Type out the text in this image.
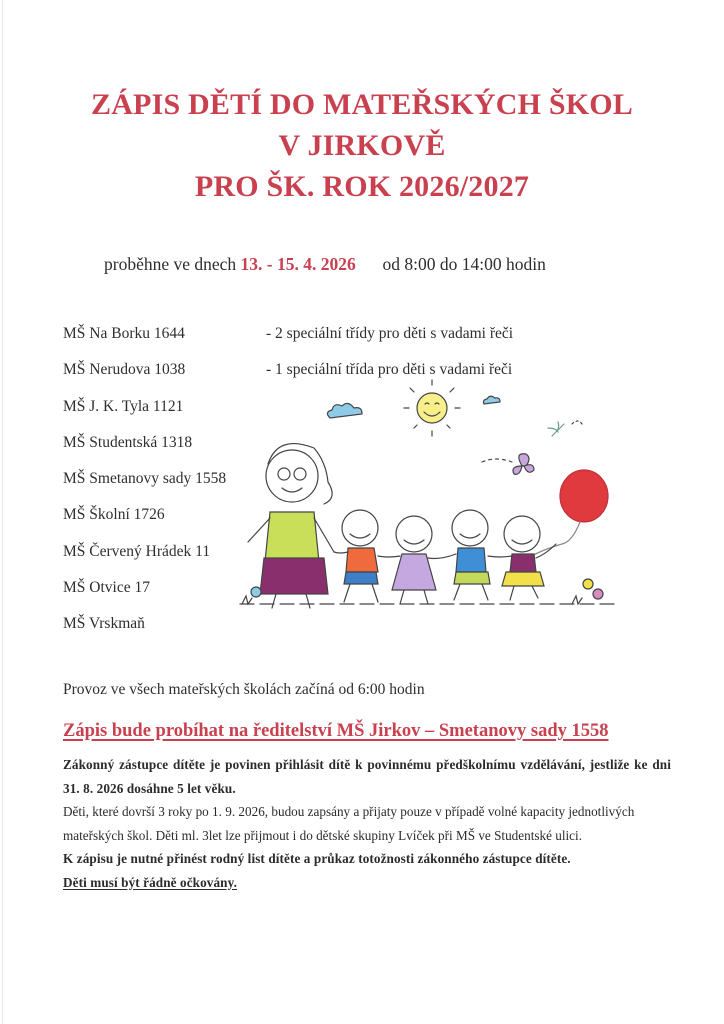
ZÁPIS DĚTÍ DO MATEŘSKÝCH ŠKOL
V JIRKOVĚ
PRO ŠK. ROK 2026/2027
proběhne ve dnech 13. - 15. 4. 2026 od 8:00 do 14:00 hodin
MŠ Na Borku 1644
MŠ Nerudova 1038
MŠ J. K. Tyla 1121
MŠ Studentská 1318
MŠ Smetanovy sady 1558
MŠ Školní 1726
MŠ Červený Hrádek 11
MŠ Otvice 17
MŠ Vrskmaň
- 2 speciální třídy pro děti s vadami řeči
- 1 speciální třída pro děti s vadami řeči
Provoz ve všech mateřských školách začíná od 6:00 hodin
Zápis bude probíhat na ředitelství MŠ Jirkov – Smetanovy sady 1558

Zákonný zástupce dítěte je povinen přihlásit dítě k povinnému předškolnímu vzdělávání, jestliže ke dni 31. 8. 2026 dosáhne 5 let věku.

Děti, které dovrší 3 roky po 1. 9. 2026, budou zapsány a přijaty pouze v případě volné kapacity jednotlivých mateřských škol. Děti ml. 3let lze přijmout i do dětské skupiny Lvíček při MŠ ve Studentské ulici.

K zápisu je nutné přinést rodný list dítěte a průkaz totožnosti zákonného zástupce dítěte.

Děti musí být řádně očkovány.
